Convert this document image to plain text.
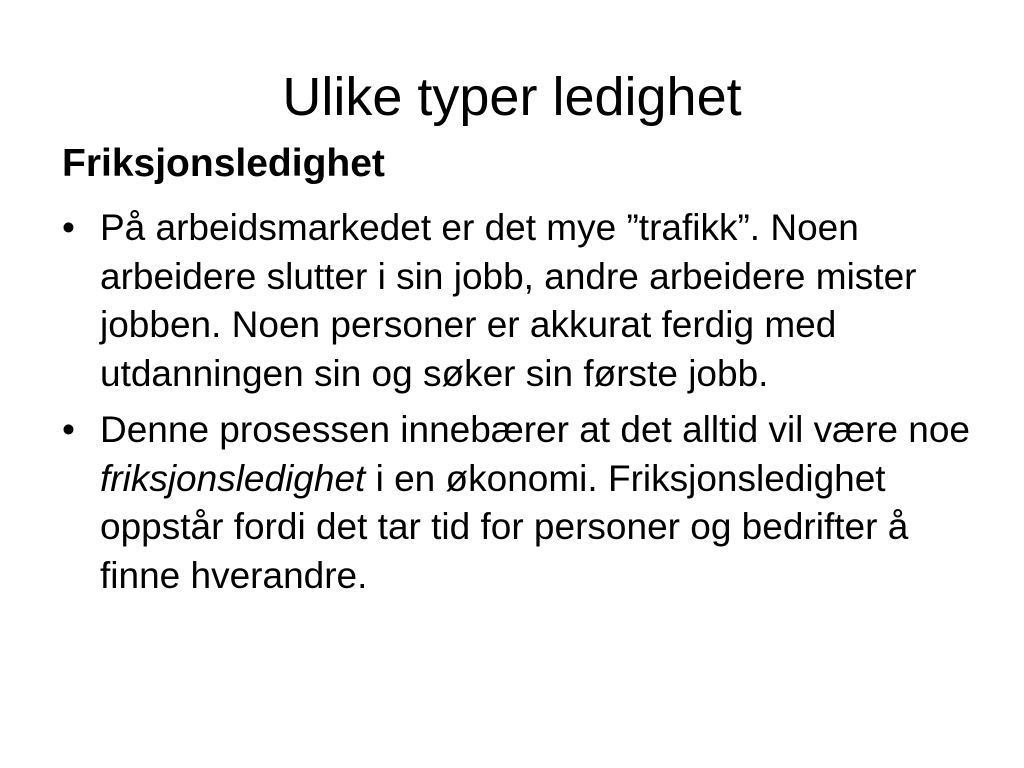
Ulike typer ledighet
Friksjonsledighet
• På arbeidsmarkedet er det mye ”trafikk”. Noen arbeidere slutter i sin jobb, andre arbeidere mister jobben. Noen personer er akkurat ferdig med utdanningen sin og søker sin første jobb.
• Denne prosessen innebærer at det alltid vil være noe friksjonsledighet i en økonomi. Friksjonsledighet oppstår fordi det tar tid for personer og bedrifter å finne hverandre.
